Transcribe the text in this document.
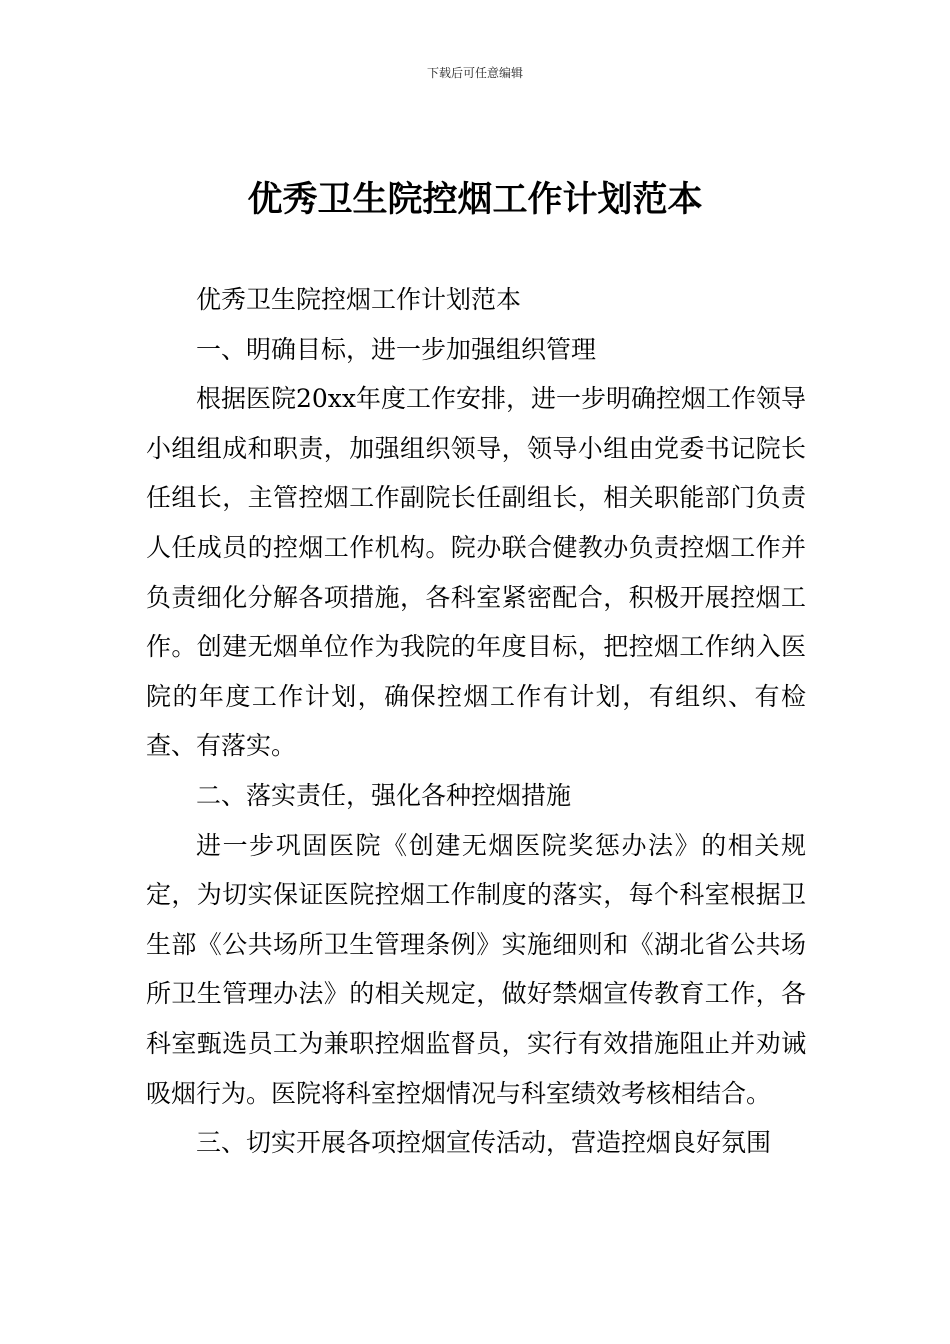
下载后可任意编辑
优秀卫生院控烟工作计划范本

优秀卫生院控烟工作计划范本

一、明确目标，进一步加强组织管理

根据医院20xx年度工作安排，进一步明确控烟工作领导小组组成和职责，加强组织领导，领导小组由党委书记院长任组长，主管控烟工作副院长任副组长，相关职能部门负责人任成员的控烟工作机构。院办联合健教办负责控烟工作并负责细化分解各项措施，各科室紧密配合，积极开展控烟工作。创建无烟单位作为我院的年度目标，把控烟工作纳入医院的年度工作计划，确保控烟工作有计划，有组织、有检查、有落实。

二、落实责任，强化各种控烟措施

进一步巩固医院《创建无烟医院奖惩办法》的相关规定，为切实保证医院控烟工作制度的落实，每个科室根据卫生部《公共场所卫生管理条例》实施细则和《湖北省公共场所卫生管理办法》的相关规定，做好禁烟宣传教育工作，各科室甄选员工为兼职控烟监督员，实行有效措施阻止并劝诫吸烟行为。医院将科室控烟情况与科室绩效考核相结合。

三、切实开展各项控烟宣传活动，营造控烟良好氛围
